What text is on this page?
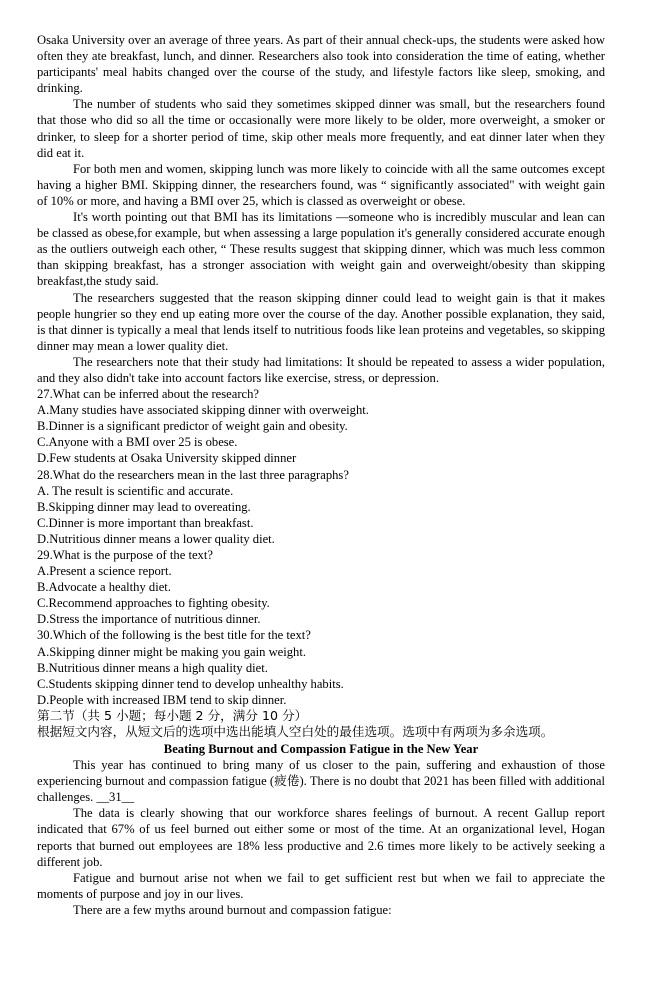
Osaka University over an average of three years. As part of their annual check-ups, the students were asked how often they ate breakfast, lunch, and dinner. Researchers also took into consideration the time of eating, whether participants' meal habits changed over the course of the study, and lifestyle factors like sleep, smoking, and drinking.

The number of students who said they sometimes skipped dinner was small, but the researchers found that those who did so all the time or occasionally were more likely to be older, more overweight, a smoker or drinker, to sleep for a shorter period of time, skip other meals more frequently, and eat dinner later when they did eat it.

For both men and women, skipping lunch was more likely to coincide with all the same outcomes except having a higher BMI. Skipping dinner, the researchers found, was “ significantly associated" with weight gain of 10% or more, and having a BMI over 25, which is classed as overweight or obese.

It's worth pointing out that BMI has its limitations —someone who is incredibly muscular and lean can be classed as obese,for example, but when assessing a large population it's generally considered accurate enough as the outliers outweigh each other, “ These results suggest that skipping dinner, which was much less common than skipping breakfast, has a stronger association with weight gain and overweight/obesity than skipping breakfast,the study said.

The researchers suggested that the reason skipping dinner could lead to weight gain is that it makes people hungrier so they end up eating more over the course of the day. Another possible explanation, they said, is that dinner is typically a meal that lends itself to nutritious foods like lean proteins and vegetables, so skipping dinner may mean a lower quality diet.

The researchers note that their study had limitations: It should be repeated to assess a wider population, and they also didn't take into account factors like exercise, stress, or depression.

27.What can be inferred about the research?

A.Many studies have associated skipping dinner with overweight.

B.Dinner is a significant predictor of weight gain and obesity.

C.Anyone with a BMI over 25 is obese.

D.Few students at Osaka University skipped dinner

28.What do the researchers mean in the last three paragraphs?

A. The result is scientific and accurate.

B.Skipping dinner may lead to overeating.

C.Dinner is more important than breakfast.

D.Nutritious dinner means a lower quality diet.

29.What is the purpose of the text?

A.Present a science report.

B.Advocate a healthy diet.

C.Recommend approaches to fighting obesity.

D.Stress the importance of nutritious dinner.

30.Which of the following is the best title for the text?

A.Skipping dinner might be making you gain weight.

B.Nutritious dinner means a high quality diet.

C.Students skipping dinner tend to develop unhealthy habits.

D.People with increased IBM tend to skip dinner.

第二节（共 5 小题；每小题 2 分，满分 10 分）

根据短文内容，从短文后的选项中选出能填人空白处的最佳选项。选项中有两项为多余选项。

Beating Burnout and Compassion Fatigue in the New Year

This year has continued to bring many of us closer to the pain, suffering and exhaustion of those experiencing burnout and compassion fatigue (疲倦). There is no doubt that 2021 has been filled with additional challenges. __31__

The data is clearly showing that our workforce shares feelings of burnout. A recent Gallup report indicated that 67% of us feel burned out either some or most of the time. At an organizational level, Hogan reports that burned out employees are 18% less productive and 2.6 times more likely to be actively seeking a different job.

Fatigue and burnout arise not when we fail to get sufficient rest but when we fail to appreciate the moments of purpose and joy in our lives.

There are a few myths around burnout and compassion fatigue:
